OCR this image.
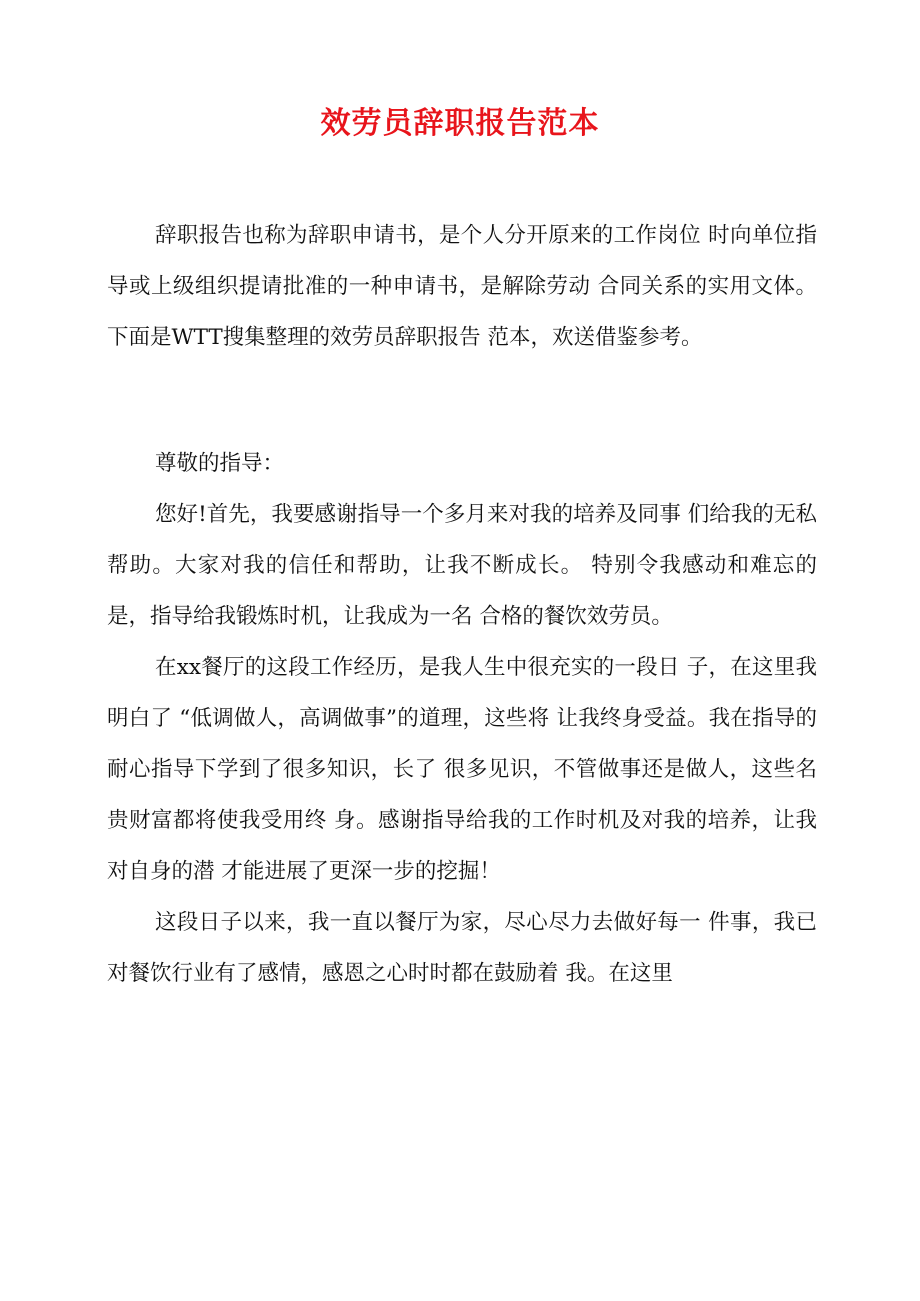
效劳员辞职报告范本

辞职报告也称为辞职申请书，是个人分开原来的工作岗位 时向单位指导或上级组织提请批准的一种申请书，是解除劳动 合同关系的实用文体。下面是WTT搜集整理的效劳员辞职报告 范本，欢送借鉴参考。

尊敬的指导：

您好!首先，我要感谢指导一个多月来对我的培养及同事 们给我的无私帮助。大家对我的信任和帮助，让我不断成长。 特别令我感动和难忘的是，指导给我锻炼时机，让我成为一名 合格的餐饮效劳员。

在xx餐厅的这段工作经历，是我人生中很充实的一段日 子，在这里我明白了 “低调做人，高调做事”的道理，这些将 让我终身受益。我在指导的耐心指导下学到了很多知识，长了 很多见识，不管做事还是做人，这些名贵财富都将使我受用终 身。感谢指导给我的工作时机及对我的培养，让我对自身的潜 才能进展了更深一步的挖掘！

这段日子以来，我一直以餐厅为家，尽心尽力去做好每一 件事，我已对餐饮行业有了感情，感恩之心时时都在鼓励着 我。在这里
